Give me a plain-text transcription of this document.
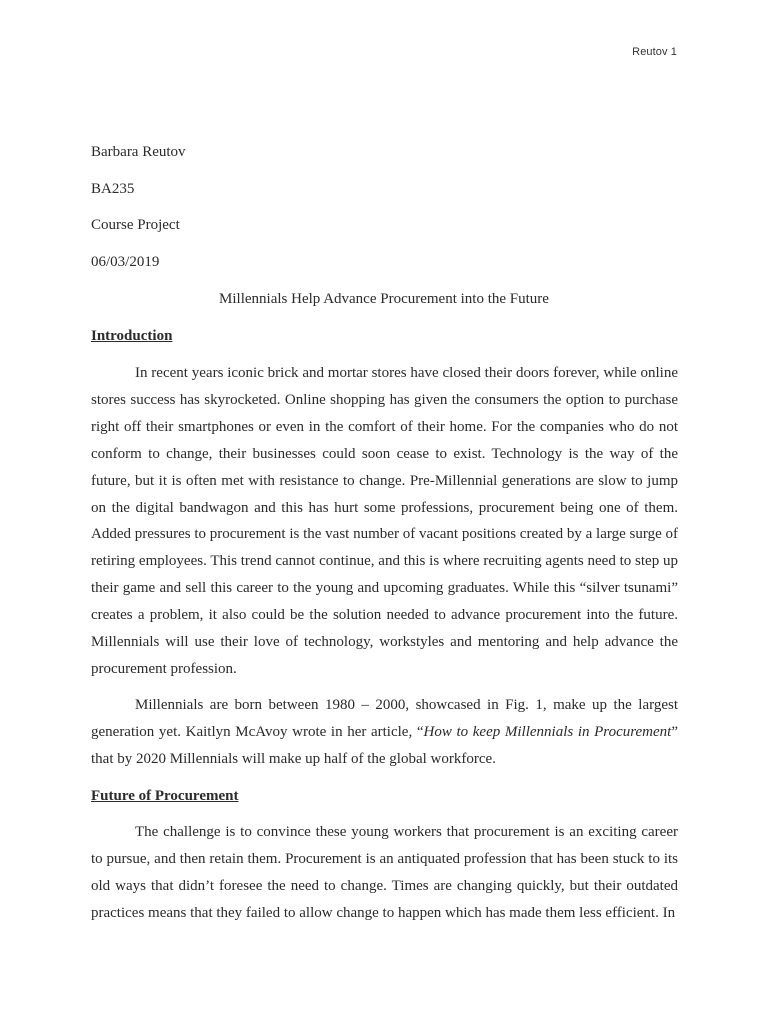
Reutov 1
Barbara Reutov
BA235
Course Project
06/03/2019
Millennials Help Advance Procurement into the Future
Introduction

In recent years iconic brick and mortar stores have closed their doors forever, while online stores success has skyrocketed. Online shopping has given the consumers the option to purchase right off their smartphones or even in the comfort of their home. For the companies who do not conform to change, their businesses could soon cease to exist. Technology is the way of the future, but it is often met with resistance to change. Pre-Millennial generations are slow to jump on the digital bandwagon and this has hurt some professions, procurement being one of them. Added pressures to procurement is the vast number of vacant positions created by a large surge of retiring employees. This trend cannot continue, and this is where recruiting agents need to step up their game and sell this career to the young and upcoming graduates. While this “silver tsunami” creates a problem, it also could be the solution needed to advance procurement into the future. Millennials will use their love of technology, workstyles and mentoring and help advance the procurement profession.

Millennials are born between 1980 – 2000, showcased in Fig. 1, make up the largest generation yet. Kaitlyn McAvoy wrote in her article, “How to keep Millennials in Procurement” that by 2020 Millennials will make up half of the global workforce.

Future of Procurement

The challenge is to convince these young workers that procurement is an exciting career to pursue, and then retain them. Procurement is an antiquated profession that has been stuck to its old ways that didn’t foresee the need to change. Times are changing quickly, but their outdated practices means that they failed to allow change to happen which has made them less efficient. In
